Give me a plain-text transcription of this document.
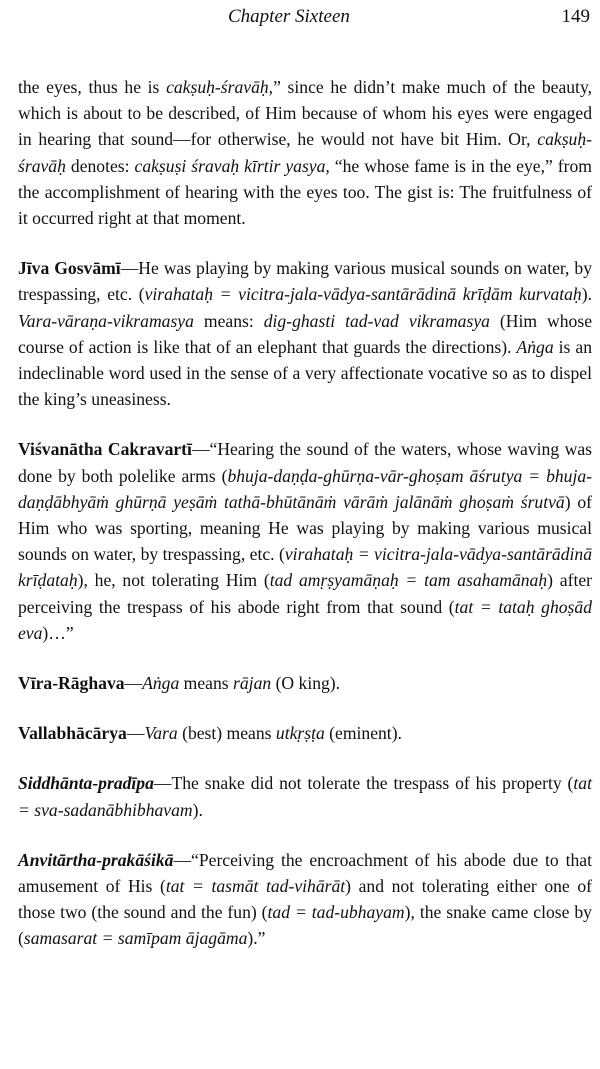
Chapter Sixteen	149

the eyes, thus he is cakṣuḥ-śravāḥ,” since he didn’t make much of the beauty, which is about to be described, of Him because of whom his eyes were engaged in hearing that sound—for otherwise, he would not have bit Him. Or, cakṣuḥ-śravāḥ denotes: cakṣuṣi śravaḥ kīrtir yasya, “he whose fame is in the eye,” from the accomplishment of hearing with the eyes too. The gist is: The fruitfulness of it occurred right at that moment.

Jīva Gosvāmī—He was playing by making various musical sounds on water, by trespassing, etc. (virahataḥ = vicitra-jala-vādya-santārādinā krīḍām kurvataḥ). Vara-vāraṇa-vikramasya means: dig-ghasti tad-vad vikramasya (Him whose course of action is like that of an elephant that guards the directions). Aṅga is an indeclinable word used in the sense of a very affectionate vocative so as to dispel the king’s uneasiness.

Viśvanātha Cakravartī—“Hearing the sound of the waters, whose waving was done by both polelike arms (bhuja-daṇḍa-ghūrṇa-vār-ghoṣam āśrutya = bhuja-daṇḍābhyāṁ ghūrṇā yeṣāṁ tathā-bhūtānāṁ vārāṁ jalānāṁ ghoṣaṁ śrutvā) of Him who was sporting, meaning He was playing by making various musical sounds on water, by trespassing, etc. (virahataḥ = vicitra-jala-vādya-santārādinā krīḍataḥ), he, not tolerating Him (tad amṛṣyamāṇaḥ = tam asahamānaḥ) after perceiving the trespass of his abode right from that sound (tat = tataḥ ghoṣād eva)…”

Vīra-Rāghava—Aṅga means rājan (O king).

Vallabhācārya—Vara (best) means utkṛṣṭa (eminent).

Siddhānta-pradīpa—The snake did not tolerate the trespass of his property (tat = sva-sadanābhibhavam).

Anvitārtha-prakāśikā—“Perceiving the encroachment of his abode due to that amusement of His (tat = tasmāt tad-vihārāt) and not tolerating either one of those two (the sound and the fun) (tad = tad-ubhayam), the snake came close by (samasarat = samīpam ājagāma).”
